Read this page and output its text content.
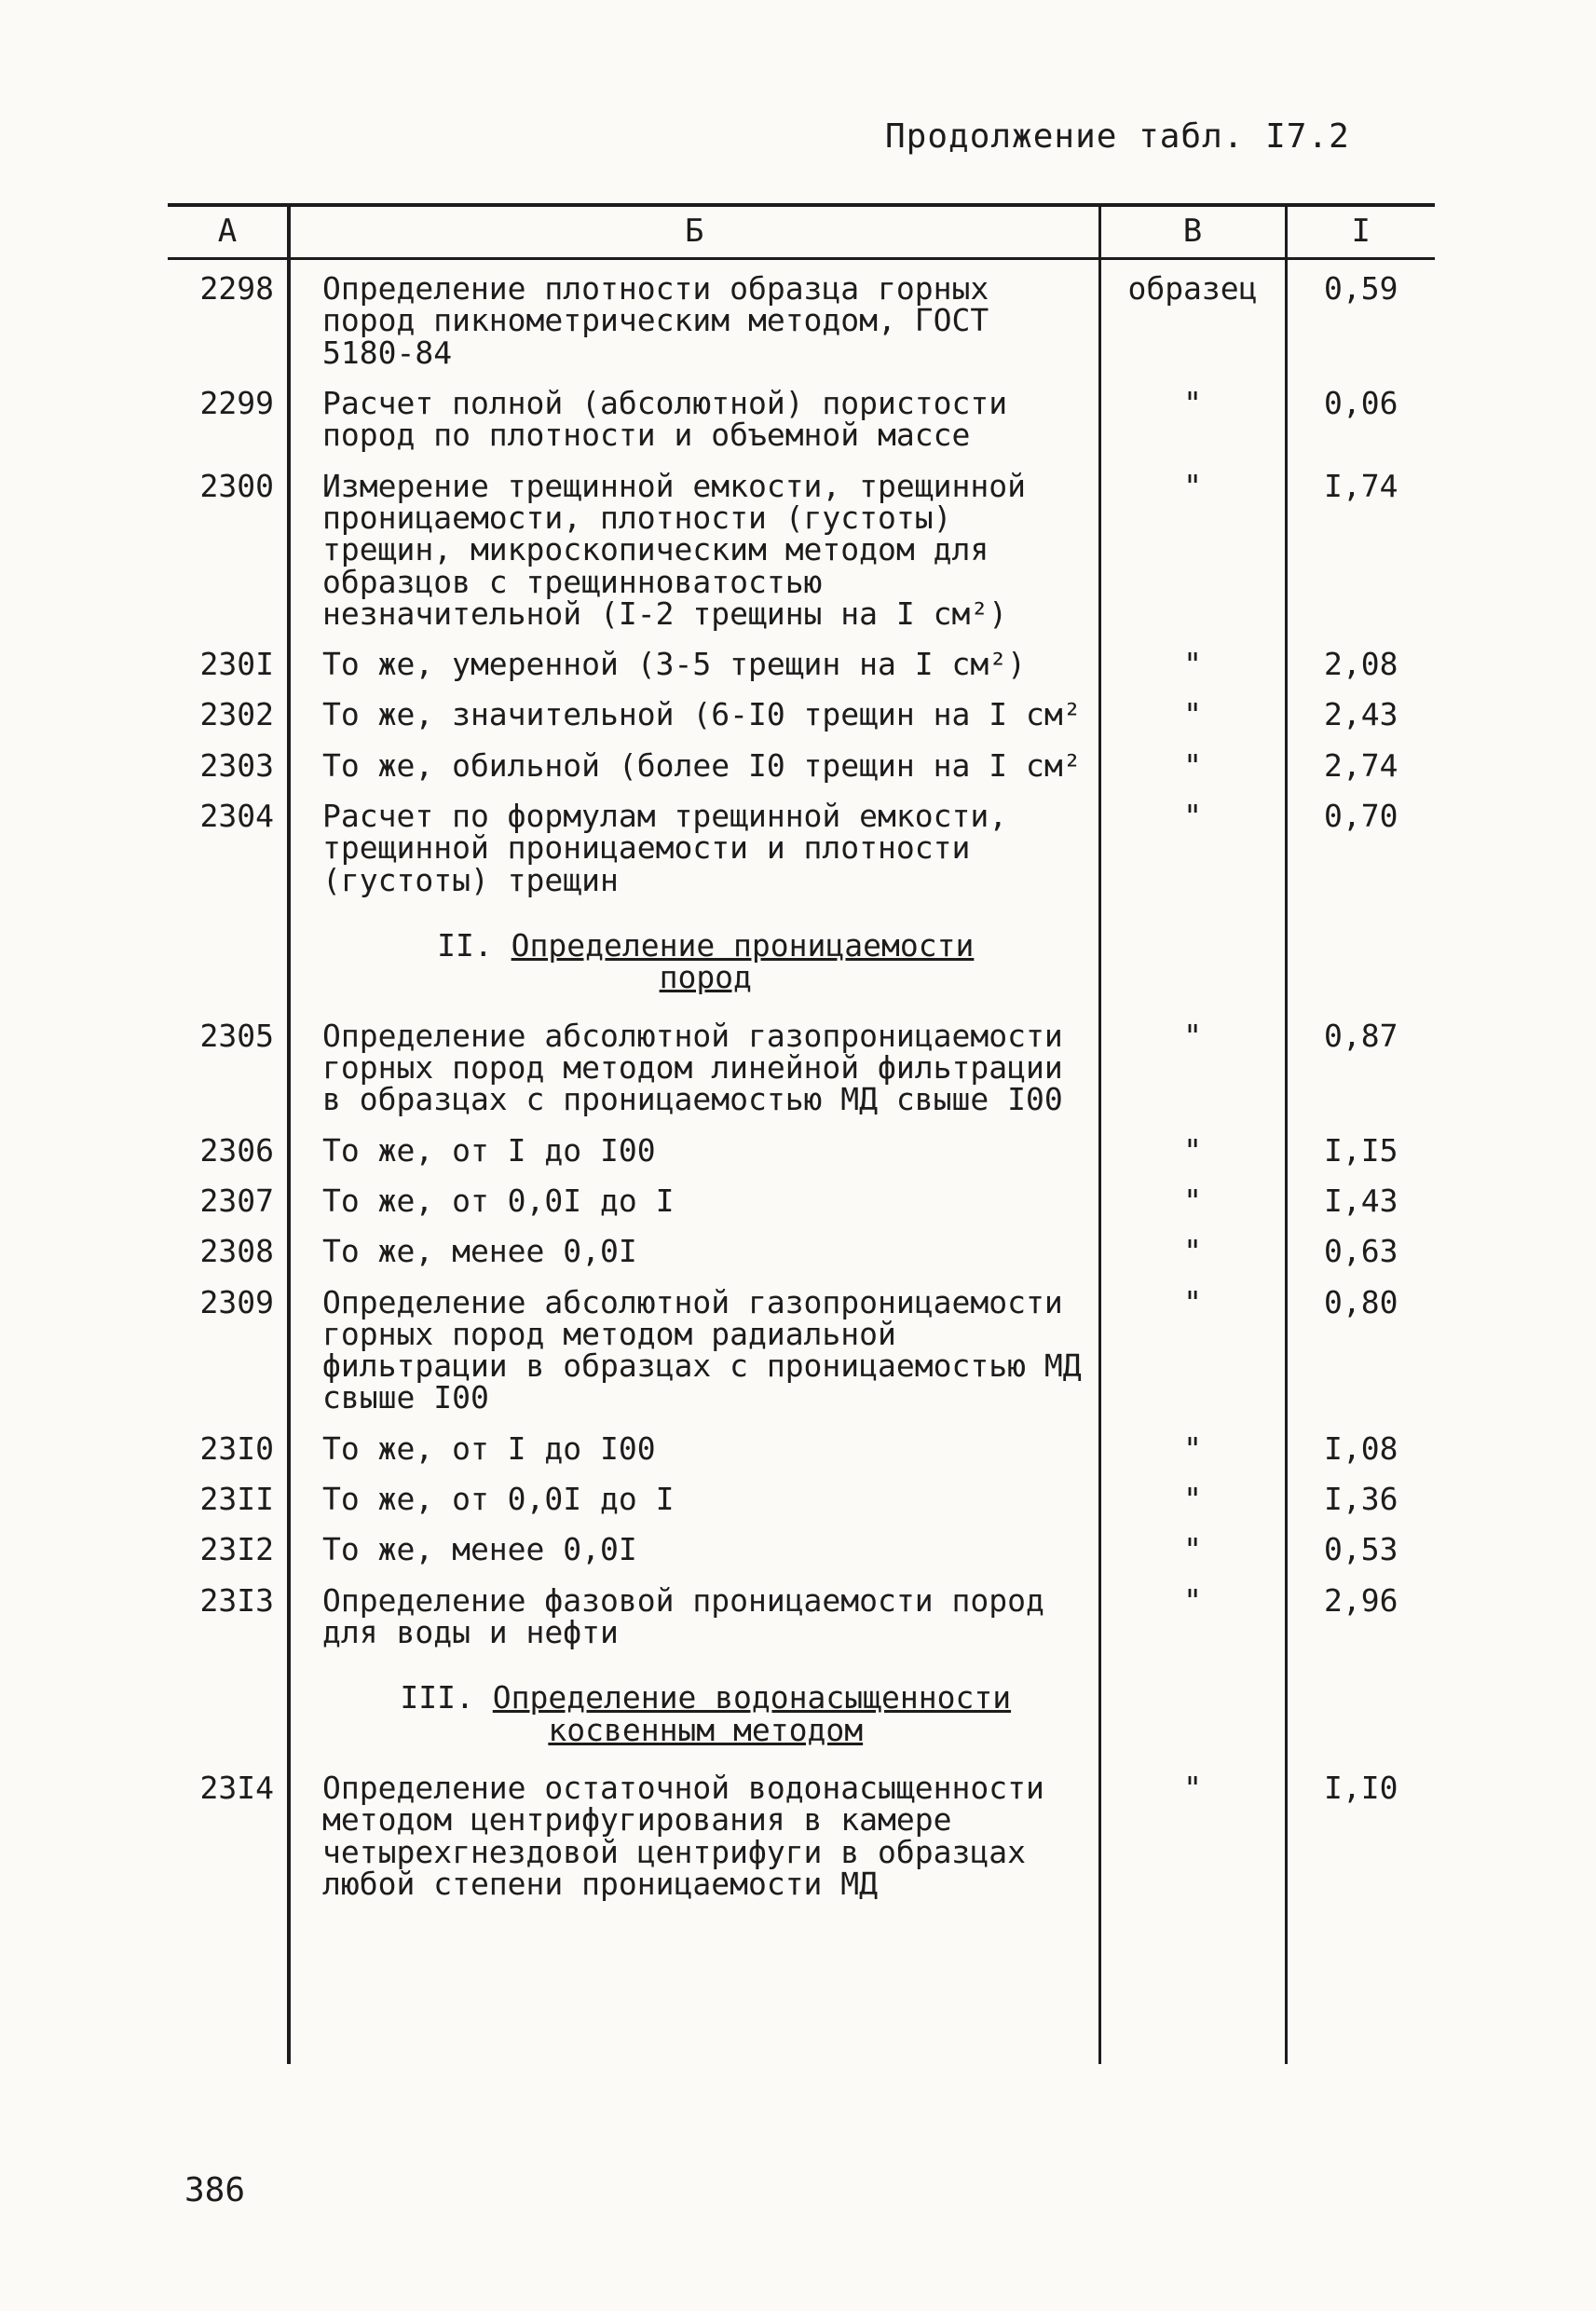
Продолжение табл. I7.2
А	Б	В	I
2298	Определение плотности образца горных пород пикнометрическим методом, ГОСТ 5180-84	образец	0,59
2299	Расчет полной (абсолютной) пористости пород по плотности и объемной массе	"	0,06
2300	Измерение трещинной емкости, трещинной проницаемости, плотности (густоты) трещин, микроскопическим методом для образцов с трещинноватостью незначительной (I-2 трещины на I см²)	"	I,74
230I	То же, умеренной (3-5 трещин на I см²)	"	2,08
2302	То же, значительной (6-I0 трещин на I см²	"	2,43
2303	То же, обильной (более I0 трещин на I см²	"	2,74
2304	Расчет по формулам трещинной емкости, трещинной проницаемости и плотности (густоты) трещин	"	0,70
	II. Определение проницаемости
пород		

2305	Определение абсолютной газопроницаемости горных пород методом линейной фильтрации в образцах с проницаемостью МД свыше I00	"	0,87
2306	То же, от I до I00	"	I,I5
2307	То же, от 0,0I до I	"	I,43
2308	То же, менее 0,0I	"	0,63
2309	Определение абсолютной газопроницаемости горных пород методом радиальной фильтрации в образцах с проницаемостью МД свыше I00	"	0,80
23I0	То же, от I до I00	"	I,08
23II	То же, от 0,0I до I	"	I,36
23I2	То же, менее 0,0I	"	0,53
23I3	Определение фазовой проницаемости пород для воды и нефти	"	2,96
	III. Определение водонасыщенности
косвенным методом		

23I4	Определение остаточной водонасыщенности методом центрифугирования в камере четырехгнездовой центрифуги в образцах любой степени проницаемости МД	"	I,I0

386
